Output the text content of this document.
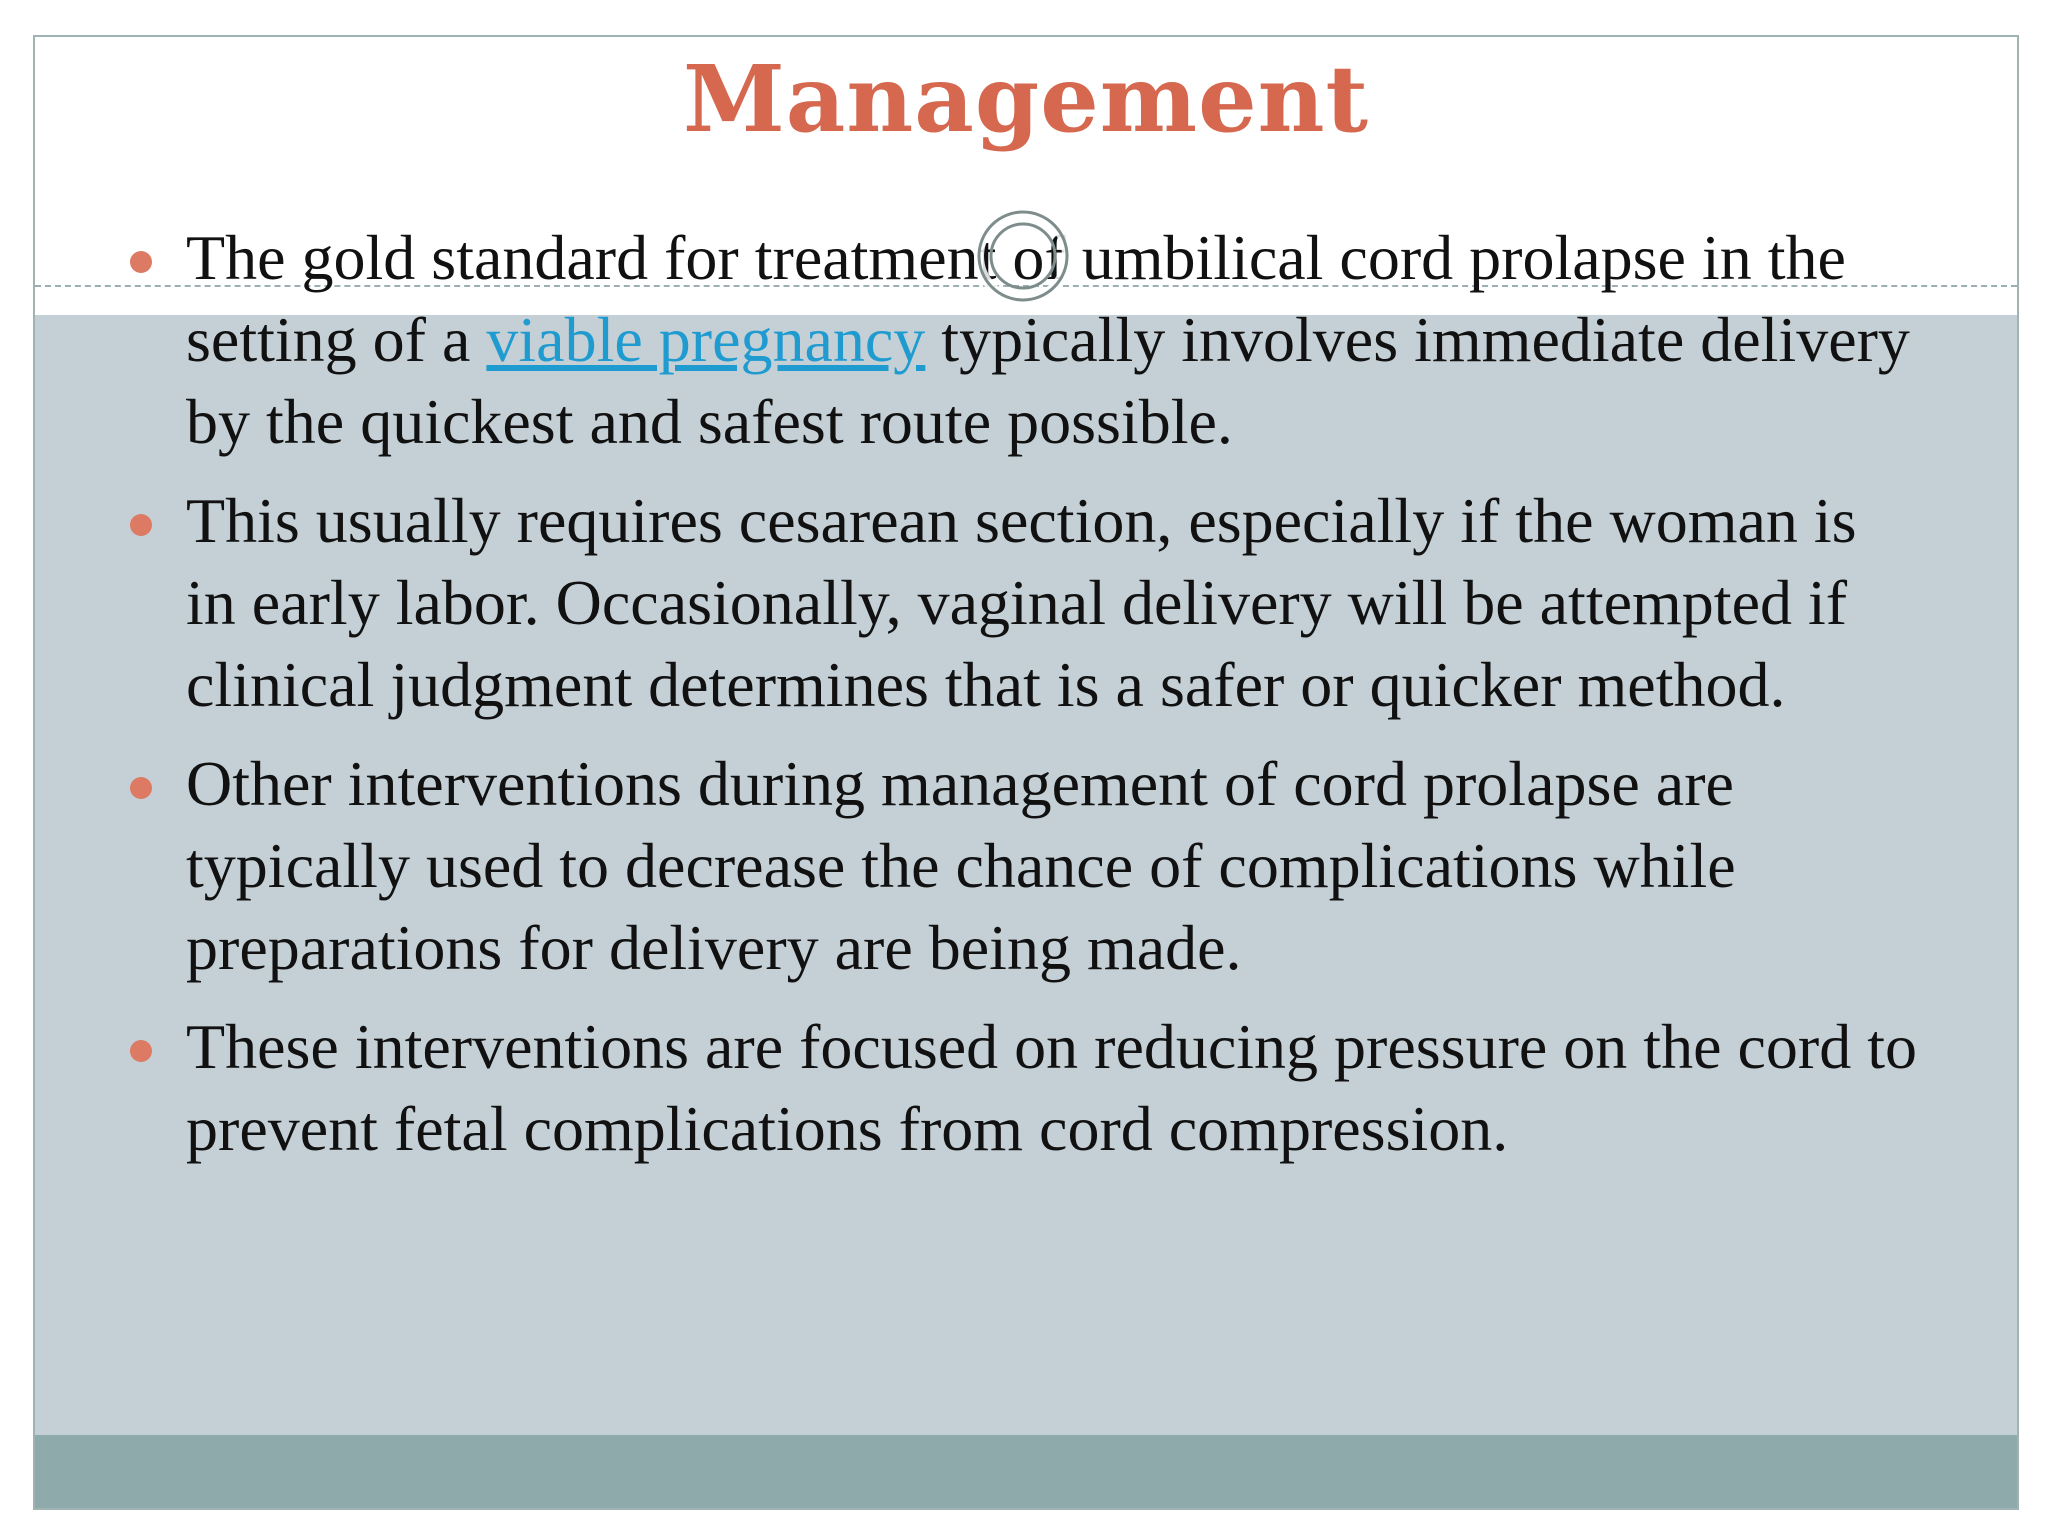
Management
The gold standard for treatment of umbilical cord prolapse in the setting of a viable pregnancy typically involves immediate delivery by the quickest and safest route possible.
This usually requires cesarean section, especially if the woman is in early labor. Occasionally, vaginal delivery will be attempted if clinical judgment determines that is a safer or quicker method.
Other interventions during management of cord prolapse are typically used to decrease the chance of complications while preparations for delivery are being made.
These interventions are focused on reducing pressure on the cord to prevent fetal complications from cord compression.
